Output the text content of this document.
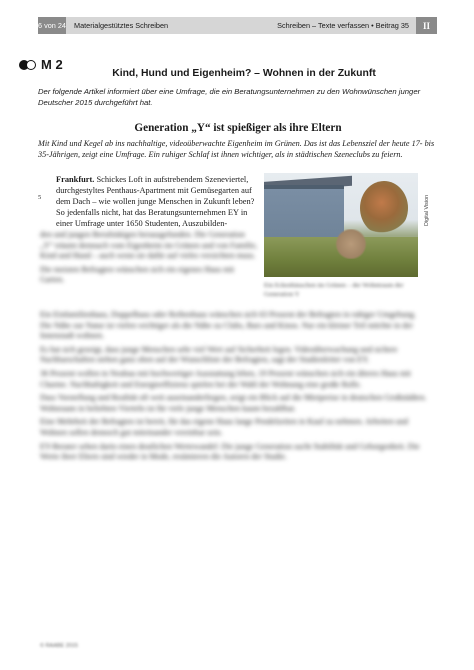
6 von 24	Materialgestütztes Schreiben	Schreiben – Texte verfassen • Beitrag 35	II
M 2
Kind, Hund und Eigenheim? – Wohnen in der Zukunft
Der folgende Artikel informiert über eine Umfrage, die ein Beratungsunternehmen zu den Wohnwünschen junger Deutscher 2015 durchgeführt hat.
Generation „Y“ ist spießiger als ihre Eltern
Mit Kind und Kegel ab ins nachhaltige, videoüberwachte Eigenheim im Grünen. Das ist das Lebensziel der heute 17- bis 35-Jährigen, zeigt eine Umfrage. Ein ruhiger Schlaf ist ihnen wichtiger, als in städtischen Szeneclubs zu feiern.
5
Frankfurt. Schickes Loft in aufstrebendem Szeneviertel, durchgestyltes Penthaus-Apartment mit Gemüsegarten auf dem Dach – wie wollen junge Menschen in Zukunft leben? So jedenfalls nicht, hat das Beratungsunternehmen EY in einer Umfrage unter 1650 Studenten, Auszubilden-	Digital Vision
Ein Eckenhäuschen im Grünen – der Wohntraum der Generation Y

den und jungen Berufstätigen herausgefunden. Die Generation „Y“ träumt demnach vom Eigenheim im Grünen und von Familie, Kind und Hund – auch wenn sie dafür auf vieles verzichten muss.

Die meisten Befragten wünschen sich ein eigenes Haus mit Garten.

Ein Einfamilienhaus, Doppelhaus oder Reihenhaus wünschen sich 63 Prozent der Befragten in ruhiger Umgebung. Die Nähe zur Natur ist vielen wichtiger als die Nähe zu Clubs, Bars und Kinos. Nur ein kleiner Teil möchte in der Innenstadt wohnen.

Es hat sich gezeigt, dass junge Menschen sehr viel Wert auf Sicherheit legen. Videoüberwachung und sichere Nachbarschaften stehen ganz oben auf der Wunschliste der Befragten, sagt der Studienleiter von EY.

36 Prozent wollen in Neubau mit hochwertiger Ausstattung leben, 19 Prozent wünschen sich ein älteres Haus mit Charme. Nachhaltigkeit und Energieeffizienz spielen bei der Wahl der Wohnung eine große Rolle.

Dass Vorstellung und Realität oft weit auseinanderliegen, zeigt ein Blick auf die Mietpreise in deutschen Großstädten. Wohnraum in beliebten Vierteln ist für viele junge Menschen kaum bezahlbar.

Eine Mehrheit der Befragten ist bereit, für das eigene Haus lange Pendelzeiten in Kauf zu nehmen. Arbeiten und Wohnen sollen dennoch gut miteinander vereinbar sein.

EY-Berater sehen darin einen deutlichen Wertewandel: Die junge Generation sucht Stabilität und Geborgenheit. Die Werte ihrer Eltern sind wieder in Mode, resümieren die Autoren der Studie.

© RAABE 2015
